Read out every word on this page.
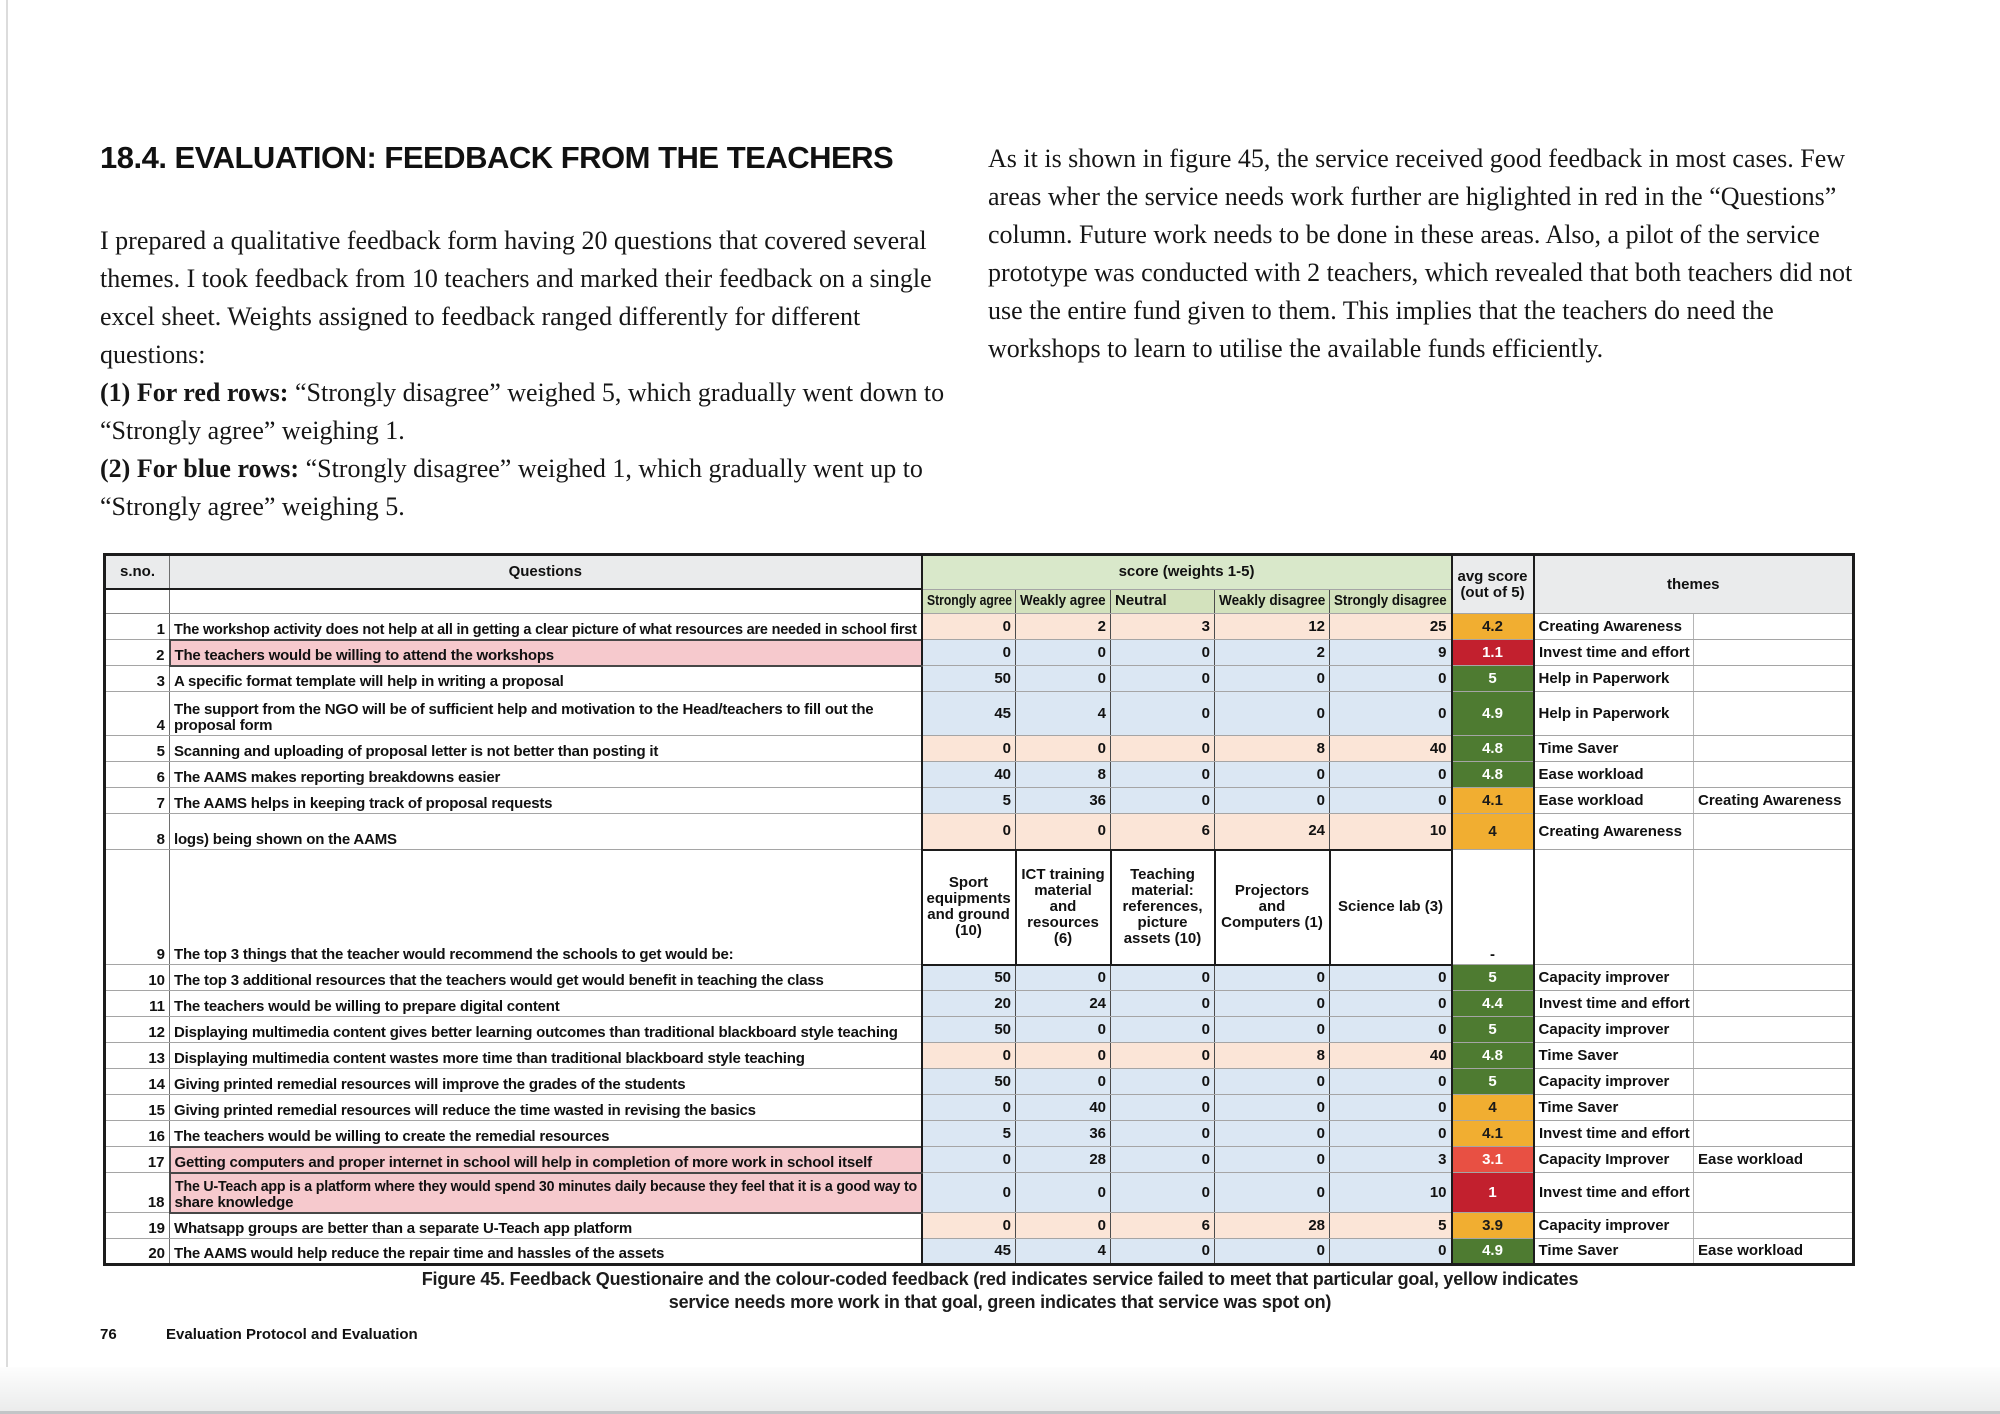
18.4. EVALUATION: FEEDBACK FROM THE TEACHERS

I prepared a qualitative feedback form having 20 questions that covered several themes. I took feedback from 10 teachers and marked their feedback on a single excel sheet. Weights assigned to feedback ranged differently for different questions:

(1) For red rows: “Strongly disagree” weighed 5, which gradually went down to “Strongly agree” weighing 1.

(2) For blue rows: “Strongly disagree” weighed 1, which gradually went up to “Strongly agree” weighing 5.

As it is shown in figure 45, the service received good feedback in most cases. Few areas wher the service needs work further are higlighted in red in the “Questions” column. Future work needs to be done in these areas. Also, a pilot of the service prototype was conducted with 2 teachers, which revealed that both teachers did not use the entire fund given to them. This implies that the teachers do need the workshops to learn to utilise the available funds efficiently.

s.no.	Questions	score (weights 1-5)					avg score
(out of 5)	themes	
		Strongly agree	Weakly agree	Neutral	Weakly disagree	Strongly disagree			
1	The workshop activity does not help at all in getting a clear picture of what resources are needed in school first	0	2	3	12	25	4.2	Creating Awareness	
2	The teachers would be willing to attend the workshops	0	0	0	2	9	1.1	Invest time and effort	
3	A specific format template will help in writing a proposal	50	0	0	0	0	5	Help in Paperwork	
4	The support from the NGO will be of sufficient help and motivation to the Head/teachers to fill out the
proposal form	45	4	0	0	0	4.9	Help in Paperwork	
5	Scanning and uploading of proposal letter is not better than posting it	0	0	0	8	40	4.8	Time Saver	
6	The AAMS makes reporting breakdowns easier	40	8	0	0	0	4.8	Ease workload	
7	The AAMS helps in keeping track of proposal requests	5	36	0	0	0	4.1	Ease workload	Creating Awareness
8	logs) being shown on the AAMS	0	0	6	24	10	4	Creating Awareness	
9	The top 3 things that the teacher would recommend the schools to get would be:	Sport equipments and ground (10)	ICT training material and resources (6)	Teaching material: references, picture assets (10)	Projectors and Computers (1)	Science lab (3)	-		
10	The top 3 additional resources that the teachers would get would benefit in teaching the class	50	0	0	0	0	5	Capacity improver	
11	The teachers would be willing to prepare digital content	20	24	0	0	0	4.4	Invest time and effort	
12	Displaying multimedia content gives better learning outcomes than traditional blackboard style teaching	50	0	0	0	0	5	Capacity improver	
13	Displaying multimedia content wastes more time than traditional blackboard style teaching	0	0	0	8	40	4.8	Time Saver	
14	Giving printed remedial resources will improve the grades of the students	50	0	0	0	0	5	Capacity improver	
15	Giving printed remedial resources will reduce the time wasted in revising the basics	0	40	0	0	0	4	Time Saver	
16	The teachers would be willing to create the remedial resources	5	36	0	0	0	4.1	Invest time and effort	
17	Getting computers and proper internet in school will help in completion of more work in school itself	0	28	0	0	3	3.1	Capacity Improver	Ease workload
18	The U-Teach app is a platform where they would spend 30 minutes daily because they feel that it is a good way to
share knowledge	0	0	0	0	10	1	Invest time and effort	
19	Whatsapp groups are better than a separate U-Teach app platform	0	0	6	28	5	3.9	Capacity improver	
20	The AAMS would help reduce the repair time and hassles of the assets	45	4	0	0	0	4.9	Time Saver	Ease workload
Figure 45. Feedback Questionaire and the colour-coded feedback (red indicates service failed to meet that particular goal, yellow indicates service needs more work in that goal, green indicates that service was spot on)
76	Evaluation Protocol and Evaluation
